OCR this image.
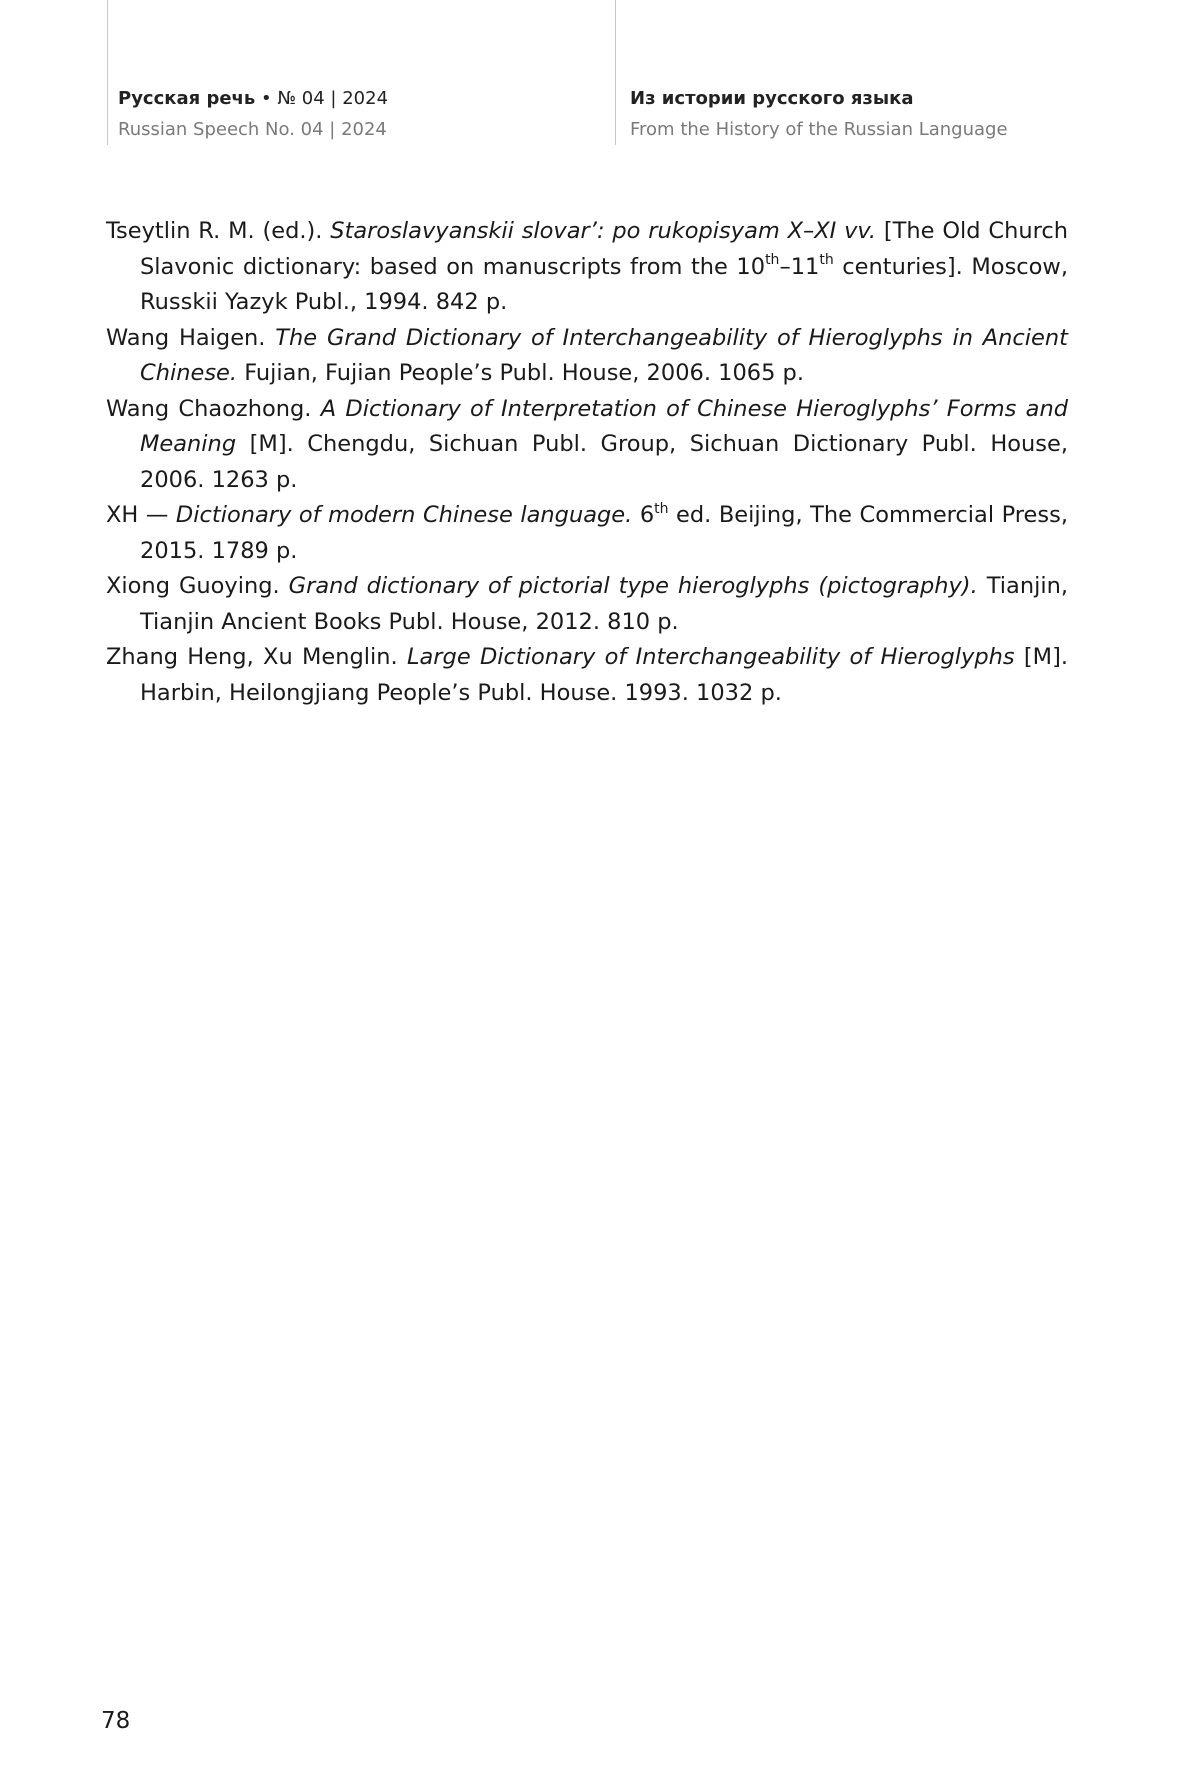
Русская речь • № 04 | 2024
Russian Speech No. 04 | 2024
Из истории русского языка
From the History of the Russian Language

Tseytlin R. M. (ed.). Staroslavyanskii slovar’: po rukopisyam X–XI vv. [The Old Church Slavonic dictionary: based on manuscripts from the 10th–11th centuries]. Moscow, Russkii Yazyk Publ., 1994. 842 p.

Wang Haigen. The Grand Dictionary of Interchangeability of Hieroglyphs in Ancient Chinese. Fujian, Fujian People’s Publ. House, 2006. 1065 p.

Wang Chaozhong. A Dictionary of Interpretation of Chinese Hieroglyphs’ Forms and Meaning [M]. Chengdu, Sichuan Publ. Group, Sichuan Dictionary Publ. House, 2006. 1263 p.

XH — Dictionary of modern Chinese language. 6th ed. Beijing, The Commercial Press, 2015. 1789 p.

Xiong Guoying. Grand dictionary of pictorial type hieroglyphs (pictography). Tianjin, Tianjin Ancient Books Publ. House, 2012. 810 p.

Zhang Heng, Xu Menglin. Large Dictionary of Interchangeability of Hieroglyphs [M]. Harbin, Heilongjiang People’s Publ. House. 1993. 1032 p.

78
